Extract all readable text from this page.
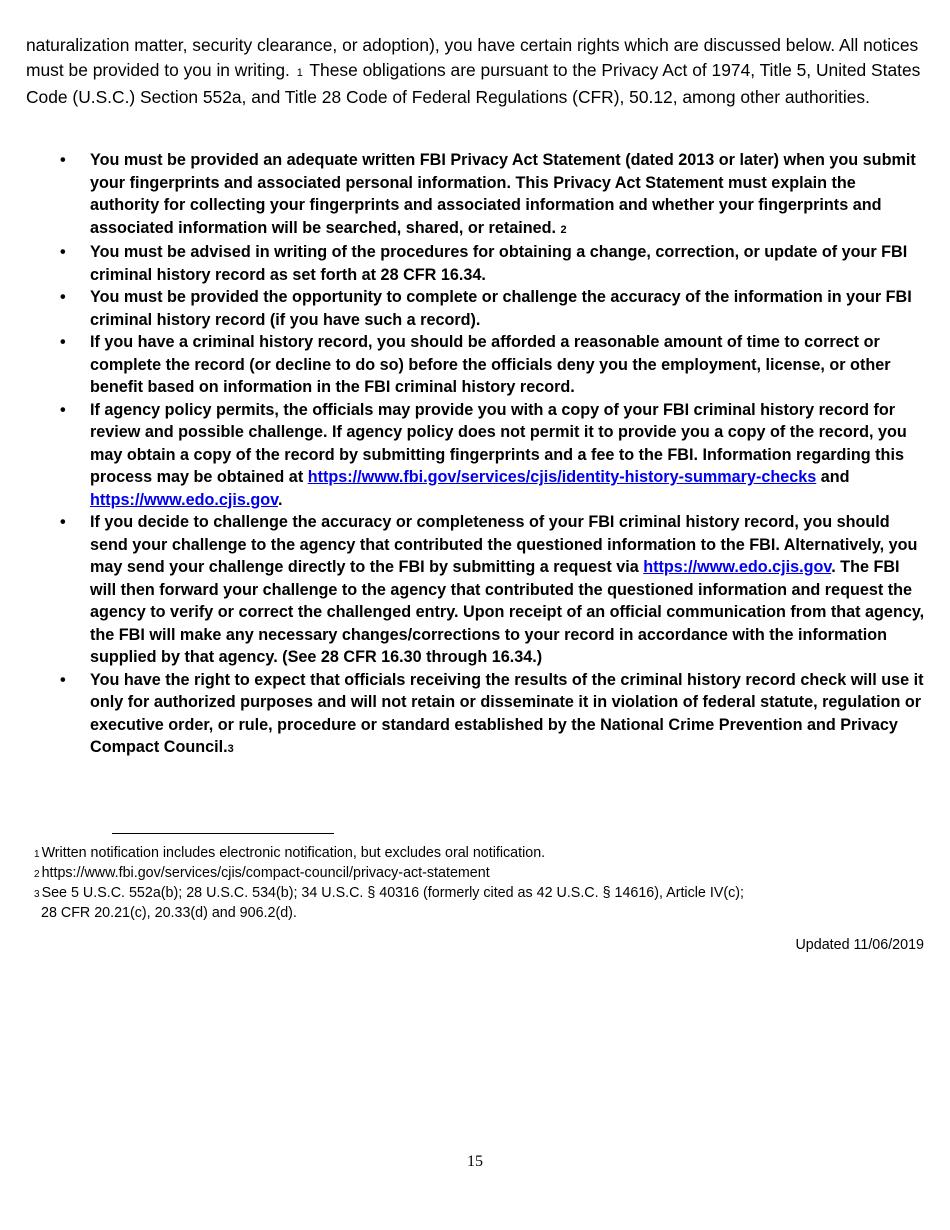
naturalization matter, security clearance, or adoption), you have certain rights which are discussed below. All notices must be provided to you in writing. 1 These obligations are pursuant to the Privacy Act of 1974, Title 5, United States Code (U.S.C.) Section 552a, and Title 28 Code of Federal Regulations (CFR), 50.12, among other authorities.

• You must be provided an adequate written FBI Privacy Act Statement (dated 2013 or later) when you submit your fingerprints and associated personal information. This Privacy Act Statement must explain the authority for collecting your fingerprints and associated information and whether your fingerprints and associated information will be searched, shared, or retained. 2
• You must be advised in writing of the procedures for obtaining a change, correction, or update of your FBI criminal history record as set forth at 28 CFR 16.34.
• You must be provided the opportunity to complete or challenge the accuracy of the information in your FBI criminal history record (if you have such a record).
• If you have a criminal history record, you should be afforded a reasonable amount of time to correct or complete the record (or decline to do so) before the officials deny you the employment, license, or other benefit based on information in the FBI criminal history record.
• If agency policy permits, the officials may provide you with a copy of your FBI criminal history record for review and possible challenge. If agency policy does not permit it to provide you a copy of the record, you may obtain a copy of the record by submitting fingerprints and a fee to the FBI. Information regarding this process may be obtained at https://www.fbi.gov/services/cjis/identity-history-summary-checks and https://www.edo.cjis.gov.
• If you decide to challenge the accuracy or completeness of your FBI criminal history record, you should send your challenge to the agency that contributed the questioned information to the FBI. Alternatively, you may send your challenge directly to the FBI by submitting a request via https://www.edo.cjis.gov. The FBI will then forward your challenge to the agency that contributed the questioned information and request the agency to verify or correct the challenged entry. Upon receipt of an official communication from that agency, the FBI will make any necessary changes/corrections to your record in accordance with the information supplied by that agency. (See 28 CFR 16.30 through 16.34.)
• You have the right to expect that officials receiving the results of the criminal history record check will use it only for authorized purposes and will not retain or disseminate it in violation of federal statute, regulation or executive order, or rule, procedure or standard established by the National Crime Prevention and Privacy Compact Council.3

1 Written notification includes electronic notification, but excludes oral notification.

2 https://www.fbi.gov/services/cjis/compact-council/privacy-act-statement

3 See 5 U.S.C. 552a(b); 28 U.S.C. 534(b); 34 U.S.C. § 40316 (formerly cited as 42 U.S.C. § 14616), Article IV(c);

28 CFR 20.21(c), 20.33(d) and 906.2(d).

Updated 11/06/2019
15
